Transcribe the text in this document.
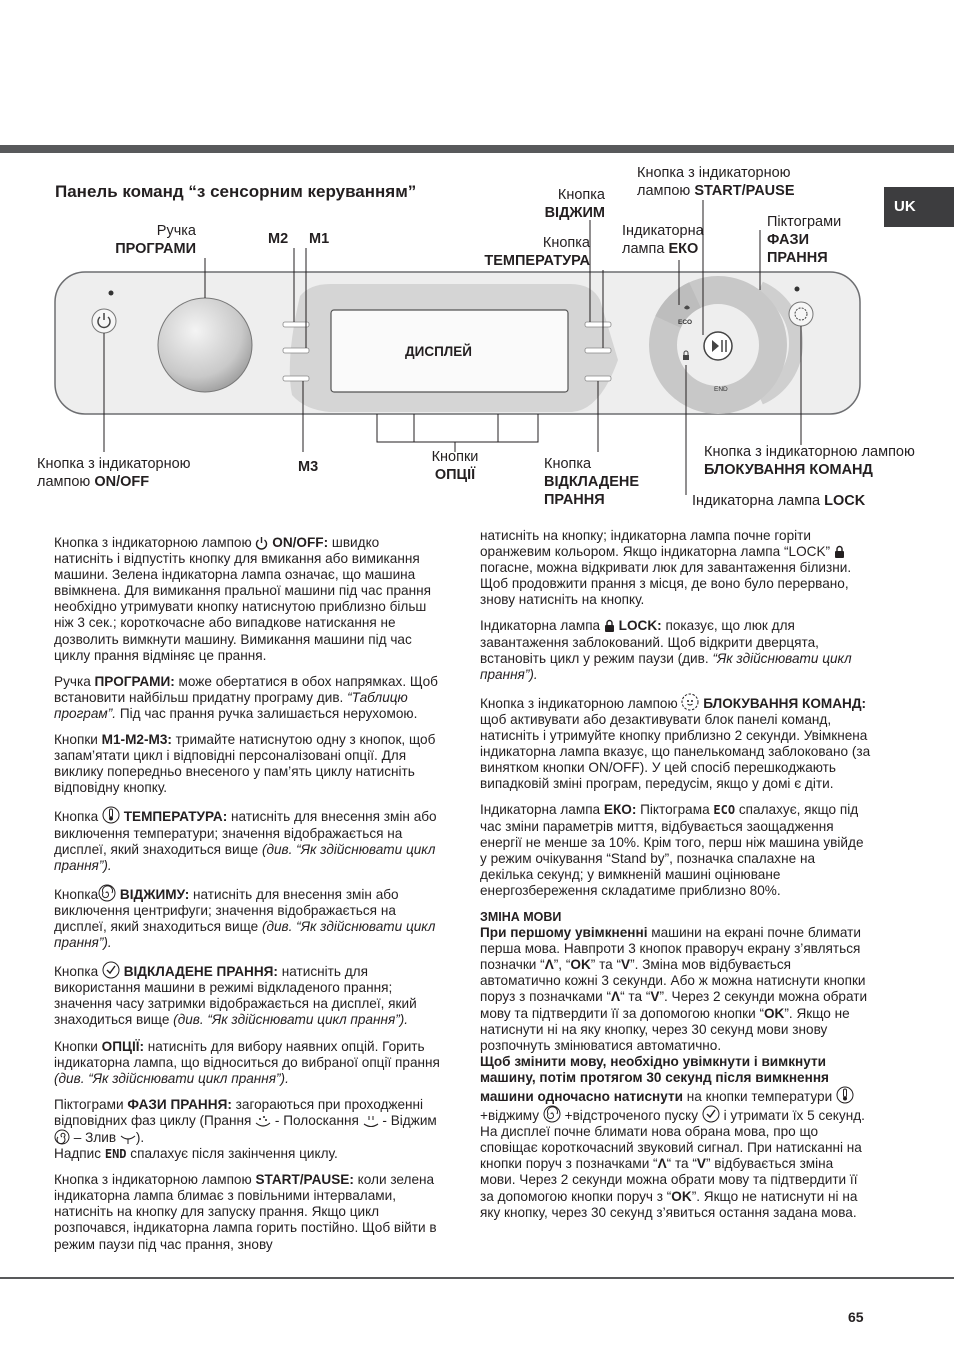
UK
Панель команд “з сенсорним керуванням”
ECO
END
ДИСПЛЕЙ
Ручка
ПРОГРАМИ
M2 M1
M3
Кнопка
ВІДЖИМ
Кнопка
ТЕМПЕРАТУРА
Кнопка з індикаторною
лампою START/PAUSE
Індикаторна
лампа ЕКО
Піктограми
ФАЗИ
ПРАННЯ
Кнопка з індикаторною
лампою ON/OFF
Кнопки
ОПЦІЇ
Кнопка
ВІДКЛАДЕНЕ
ПРАННЯ
Кнопка з індикаторною лампою
БЛОКУВАННЯ КОМАНД
Індикаторна лампа LOCK

Кнопка з індикаторною лампою  ON/OFF: швидко натисніть і відпустіть кнопку для вмикання або вимикання машини. Зелена індикаторна лампа означає, що машина ввімкнена. Для вимикання пральної машини під час прання необхідно утримувати кнопку натиснутою приблизно більш ніж 3 сек.; короткочасне або випадкове натискання не дозволить вимкнути машину. Вимикання машини під час циклу прання відміняє це прання.

Ручка ПРОГРАМИ: може обертатися в обох напрямках. Щоб встановити найбільш придатну програму див. “Таблицю програм”. Під час прання ручка залишається нерухомою.

Кнопки M1-M2-M3: тримайте натиснутою одну з кнопок, щоб запам’ятати цикл і відповідні персоналізовані опції. Для виклику попередньо внесеного у пам’ять циклу натисніть відповідну кнопку.

Кнопка  ТЕМПЕРАТУРА: натисніть для внесення змін або виключення температури; значення відображається на дисплеї, який знаходиться вище (див. “Як здійснювати цикл прання”).

Кнопка ВІДЖИМУ: натисніть для внесення змін або виключення центрифуги; значення відображається на дисплеї, який знаходиться вище (див. “Як здійснювати цикл прання”).

Кнопка  ВІДКЛАДЕНЕ ПРАННЯ: натисніть для використання машини в режимі відкладеного прання; значення часу затримки відображається на дисплеї, який знаходиться вище (див. “Як здійснювати цикл прання”).

Кнопки ОПЦІЇ: натисніть для вибору наявних опцій. Горить індикаторна лампа, що відноситься до вибраної опції прання (див. “Як здійснювати цикл прання”).

Піктограми ФАЗИ ПРАННЯ: загораються при проходженні відповідних фаз циклу (Прання  - Полоскання  - Віджим  – Злив ).
Надпис END спалахує після закінчення циклу.

Кнопка з індикаторною лампою START/PAUSE: коли зелена індикаторна лампа блимає з повільними інтервалами, натисніть на кнопку для запуску прання. Якщо цикл розпочався, індикаторна лампа горить постійно. Щоб війти в режим паузи під час прання, знову

натисніть на кнопку; індикаторна лампа почне горіти оранжевим кольором. Якщо індикаторна лампа “LOCK”  погасне, можна відкривати люк для завантаження білизни. Щоб продовжити прання з місця, де воно було перервано, знову натисніть на кнопку.

Індикаторна лампа  LOCK: показує, що люк для завантаження заблокований. Щоб відкрити дверцята, встановіть цикл у режим паузи (див. “Як здійснювати цикл прання”).

Кнопка з індикаторною лампою  БЛОКУВАННЯ КОМАНД: щоб активувати або дезактивувати блок панелі команд, натисніть і утримуйте кнопку приблизно 2 секунди. Увімкнена індикаторна лампа вказує, що панелькоманд заблоковано (за винятком кнопки ON/OFF). У цей спосіб перешкоджають випадковій зміні програм, передусім, якщо у домі є діти.

Індикаторна лампа ЕКО: Піктограма ECO спалахує, якщо під час зміни параметрів миття, відбувається заощадження енергії не менше за 10%. Крім того, перш ніж машина увійде у режим очікування “Stand by”, позначка спалахне на декілька секунд; у вимкненій машині оцінюване енергозбереження складатиме приблизно 80%.

ЗМІНА МОВИ

При першому увімкненні машини на екрані почне блимати перша мова. Навпроти 3 кнопок праворуч екрану з’являться позначки “Λ”, “OK” та “V”. Зміна мов відбувається автоматично кожні 3 секунди. Або ж можна натиснути кнопки поруз з позначками “Λ“ та “V”. Через 2 секунди можна обрати мову та підтвердити її за допомогою кнопки “OK”. Якщо не натиснути ні на яку кнопку, через 30 секунд мови знову розпочнуть змінюватися автоматично.

Щоб змінити мову, необхідно увімкнути і вимкнути машину, потім протягом 30 секунд після вимкнення машини одночасно натиснути на кнопки температури  +віджиму  +відстроченого пуску  і утримати їх 5 секунд. На дисплеї почне блимати нова обрана мова, про що сповіщає короткочасний звуковий сигнал. При натисканні на кнопки поруч з позначками “Λ“ та “V” відбувається зміна мови. Через 2 секунди можна обрати мову та підтвердити її за допомогою кнопки поруч з “OK”. Якщо не натиснути ні на яку кнопку, через 30 секунд з’явиться остання задана мова.

65
